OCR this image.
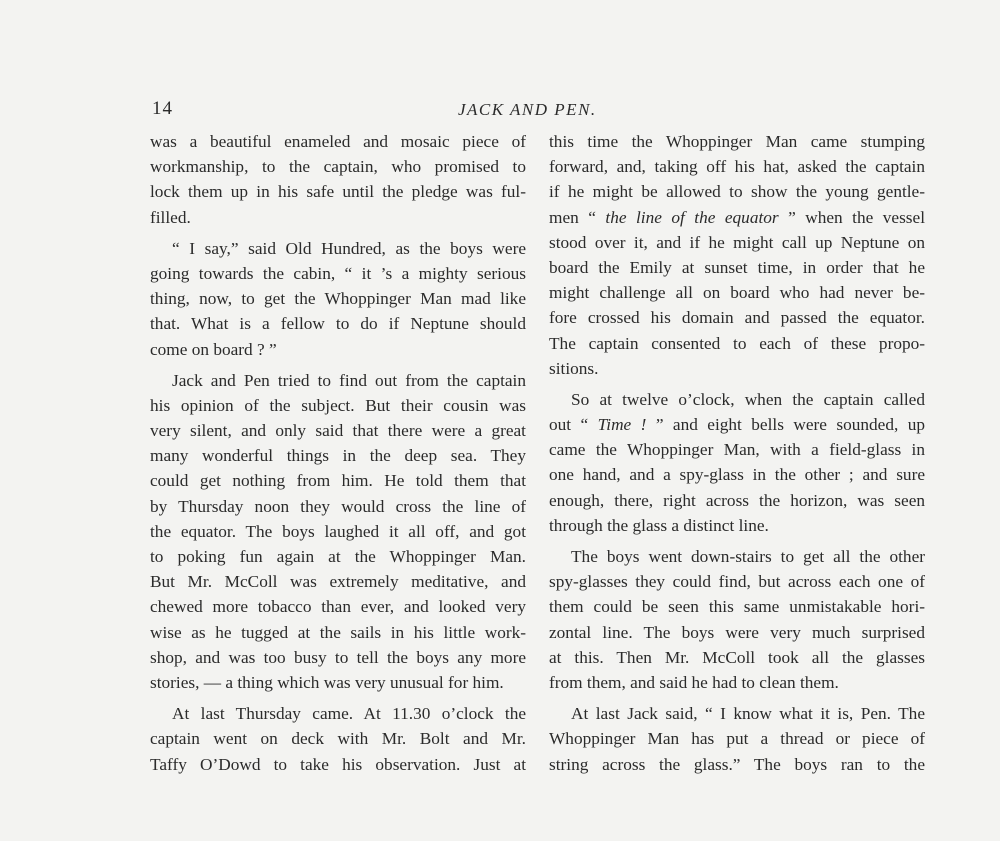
14	JACK AND PEN.
was a beautiful enameled and mosaic piece of
workmanship, to the captain, who promised to
lock them up in his safe until the pledge was ful-
filled.
“ I say,” said Old Hundred, as the boys were
going towards the cabin, “ it ’s a mighty serious
thing, now, to get the Whoppinger Man mad like
that. What is a fellow to do if Neptune should
come on board ? ”
Jack and Pen tried to find out from the captain
his opinion of the subject. But their cousin was
very silent, and only said that there were a great
many wonderful things in the deep sea. They
could get nothing from him. He told them that
by Thursday noon they would cross the line of
the equator. The boys laughed it all off, and got
to poking fun again at the Whoppinger Man.
But Mr. McColl was extremely meditative, and
chewed more tobacco than ever, and looked very
wise as he tugged at the sails in his little work-
shop, and was too busy to tell the boys any more
stories, — a thing which was very unusual for him.
At last Thursday came. At 11.30 o’clock the
captain went on deck with Mr. Bolt and Mr.
Taffy O’Dowd to take his observation. Just at
this time the Whoppinger Man came stumping
forward, and, taking off his hat, asked the captain
if he might be allowed to show the young gentle-
men “ the line of the equator ” when the vessel
stood over it, and if he might call up Neptune on
board the Emily at sunset time, in order that he
might challenge all on board who had never be-
fore crossed his domain and passed the equator.
The captain consented to each of these propo-
sitions.
So at twelve o’clock, when the captain called
out “ Time ! ” and eight bells were sounded, up
came the Whoppinger Man, with a field-glass in
one hand, and a spy-glass in the other ; and sure
enough, there, right across the horizon, was seen
through the glass a distinct line.
The boys went down-stairs to get all the other
spy-glasses they could find, but across each one of
them could be seen this same unmistakable hori-
zontal line. The boys were very much surprised
at this. Then Mr. McColl took all the glasses
from them, and said he had to clean them.
At last Jack said, “ I know what it is, Pen. The
Whoppinger Man has put a thread or piece of
string across the glass.” The boys ran to the
